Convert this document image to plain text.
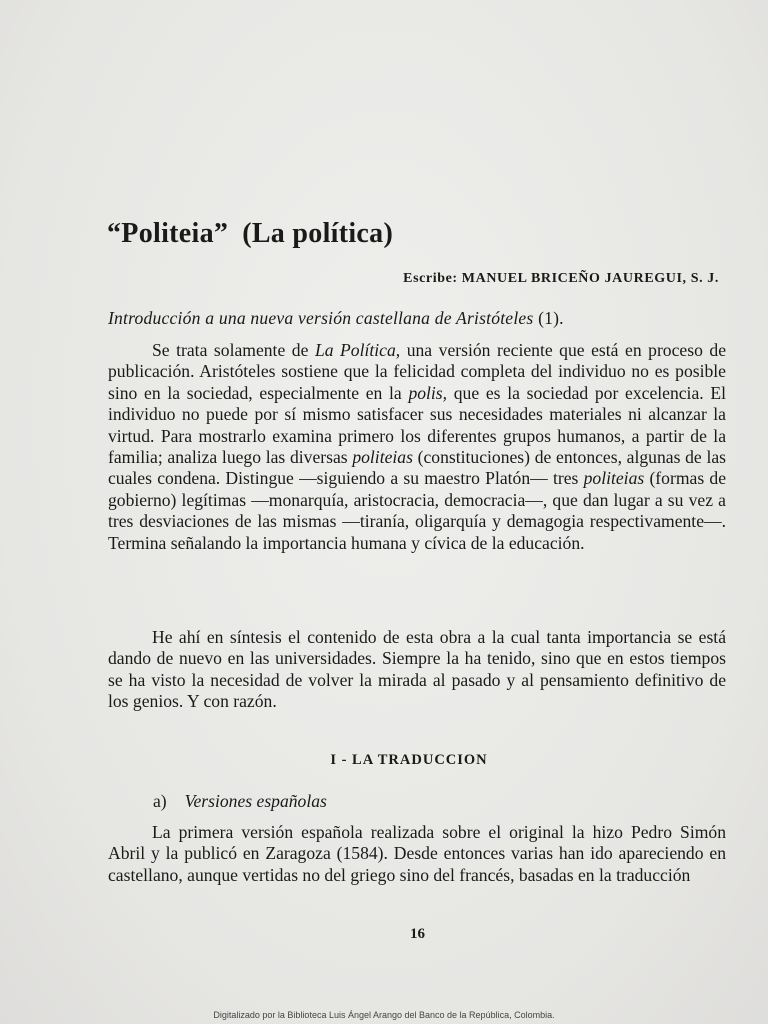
“Politeia” (La política)
Escribe: MANUEL BRICEÑO JAUREGUI, S. J.
Introducción a una nueva versión castellana de Aristóteles (1).

Se trata solamente de La Política, una versión reciente que está en proceso de publicación. Aristóteles sostiene que la felicidad completa del individuo no es posible sino en la sociedad, especialmente en la polis, que es la sociedad por excelencia. El individuo no puede por sí mismo satisfacer sus necesidades materiales ni alcanzar la virtud. Para mostrarlo examina primero los diferentes grupos humanos, a partir de la familia; analiza luego las diversas politeias (constituciones) de entonces, algunas de las cuales condena. Distingue —siguiendo a su maestro Platón— tres politeias (formas de gobierno) legítimas —monarquía, aristocracia, democracia—, que dan lugar a su vez a tres desviaciones de las mismas —tiranía, oligarquía y demagogia respectivamente—. Termina señalando la importancia humana y cívica de la educación.

He ahí en síntesis el contenido de esta obra a la cual tanta importancia se está dando de nuevo en las universidades. Siempre la ha tenido, sino que en estos tiempos se ha visto la necesidad de volver la mirada al pasado y al pensamiento definitivo de los genios. Y con razón.

I - LA TRADUCCION
a) Versiones españolas

La primera versión española realizada sobre el original la hizo Pedro Simón Abril y la publicó en Zaragoza (1584). Desde entonces varias han ido apareciendo en castellano, aunque vertidas no del griego sino del francés, basadas en la traducción

16
Digitalizado por la Biblioteca Luis Ángel Arango del Banco de la República, Colombia.
